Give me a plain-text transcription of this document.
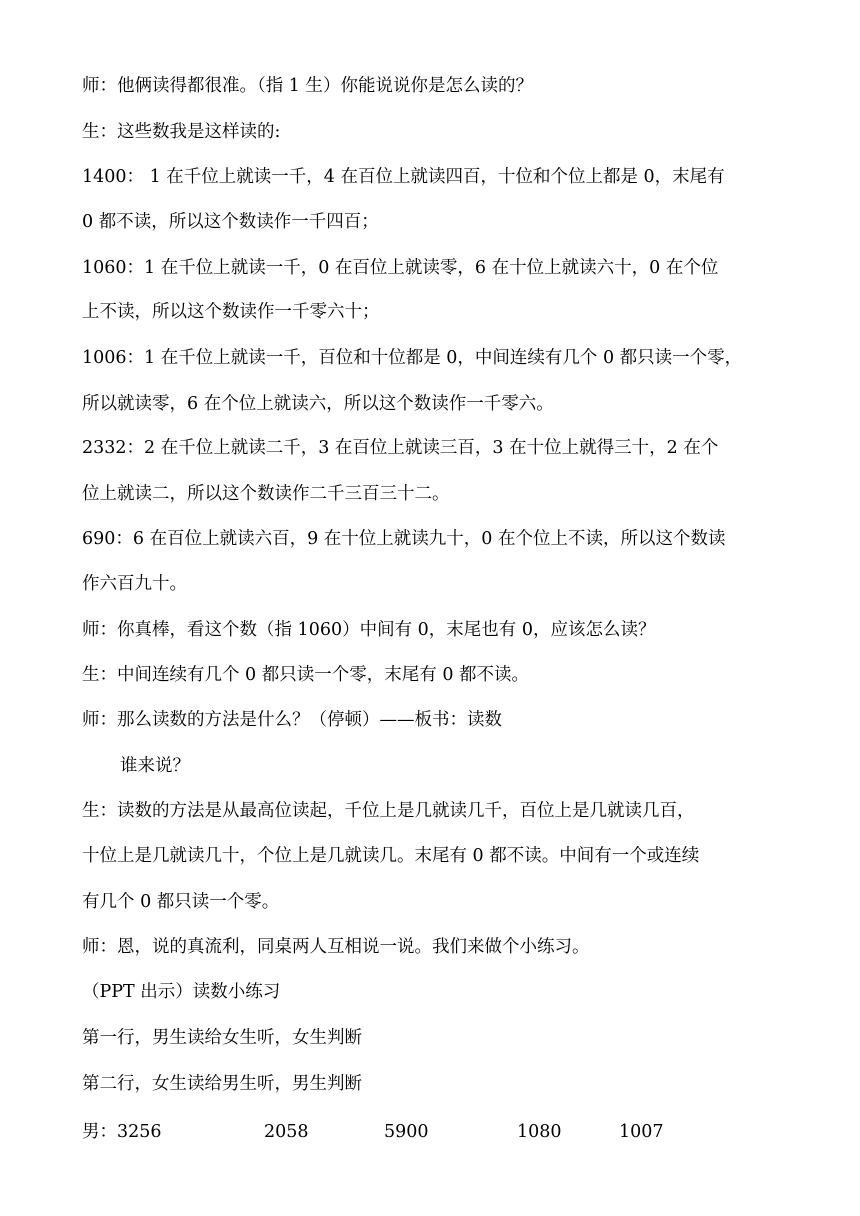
师：他俩读得都很准。（指 1 生）你能说说你是怎么读的？
生：这些数我是这样读的:
1400： 1 在千位上就读一千，4 在百位上就读四百，十位和个位上都是 0，末尾有
0 都不读，所以这个数读作一千四百；
1060：1 在千位上就读一千，0 在百位上就读零，6 在十位上就读六十，0 在个位
上不读，所以这个数读作一千零六十；
1006：1 在千位上就读一千，百位和十位都是 0，中间连续有几个 0 都只读一个零，
所以就读零，6 在个位上就读六，所以这个数读作一千零六。
2332：2 在千位上就读二千，3 在百位上就读三百，3 在十位上就得三十，2 在个
位上就读二，所以这个数读作二千三百三十二。
690：6 在百位上就读六百，9 在十位上就读九十，0 在个位上不读，所以这个数读
作六百九十。
师：你真棒，看这个数（指 1060）中间有 0，末尾也有 0，应该怎么读？
生：中间连续有几个 0 都只读一个零，末尾有 0 都不读。
师：那么读数的方法是什么？（停顿）——板书：读数
谁来说？
生：读数的方法是从最高位读起，千位上是几就读几千，百位上是几就读几百，
十位上是几就读几十，个位上是几就读几。末尾有 0 都不读。中间有一个或连续
有几个 0 都只读一个零。
师：恩，说的真流利，同桌两人互相说一说。我们来做个小练习。
（PPT 出示）读数小练习
第一行，男生读给女生听，女生判断
第二行，女生读给男生听，男生判断
男：3256	2058	5900	1080	1007
